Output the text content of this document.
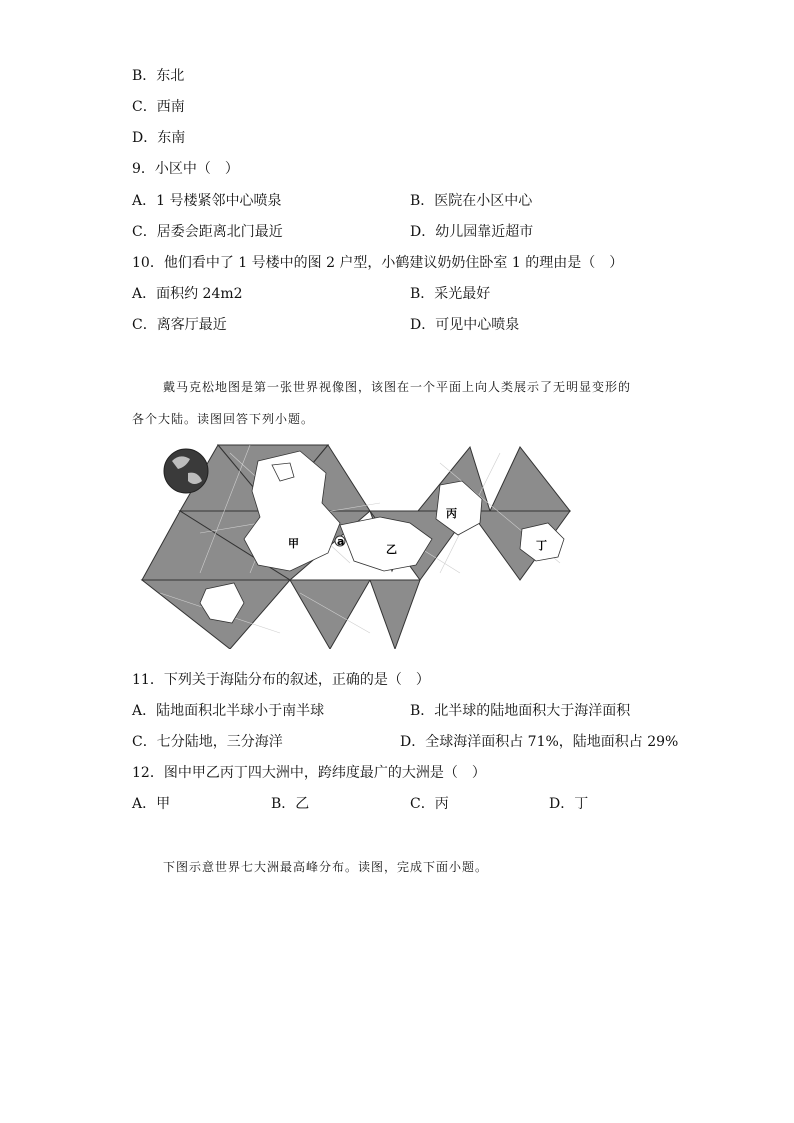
B．东北
C．西南
D．东南
9．小区中（　）
A．1 号楼紧邻中心喷泉	B．医院在小区中心
C．居委会距离北门最近	D．幼儿园靠近超市
10．他们看中了 1 号楼中的图 2 户型，小鹤建议奶奶住卧室 1 的理由是（　）
A．面积约 24m2	B．采光最好
C．离客厅最近	D．可见中心喷泉
戴马克松地图是第一张世界视像图，该图在一个平面上向人类展示了无明显变形的
各个大陆。读图回答下列小题。
甲	a
乙
丙
丁
11．下列关于海陆分布的叙述，正确的是（　）
A．陆地面积北半球小于南半球	B．北半球的陆地面积大于海洋面积
C．七分陆地，三分海洋	D．全球海洋面积占 71%，陆地面积占 29%
12．图中甲乙丙丁四大洲中，跨纬度最广的大洲是（　）
A．甲	B．乙	C．丙	D．丁
下图示意世界七大洲最高峰分布。读图，完成下面小题。
